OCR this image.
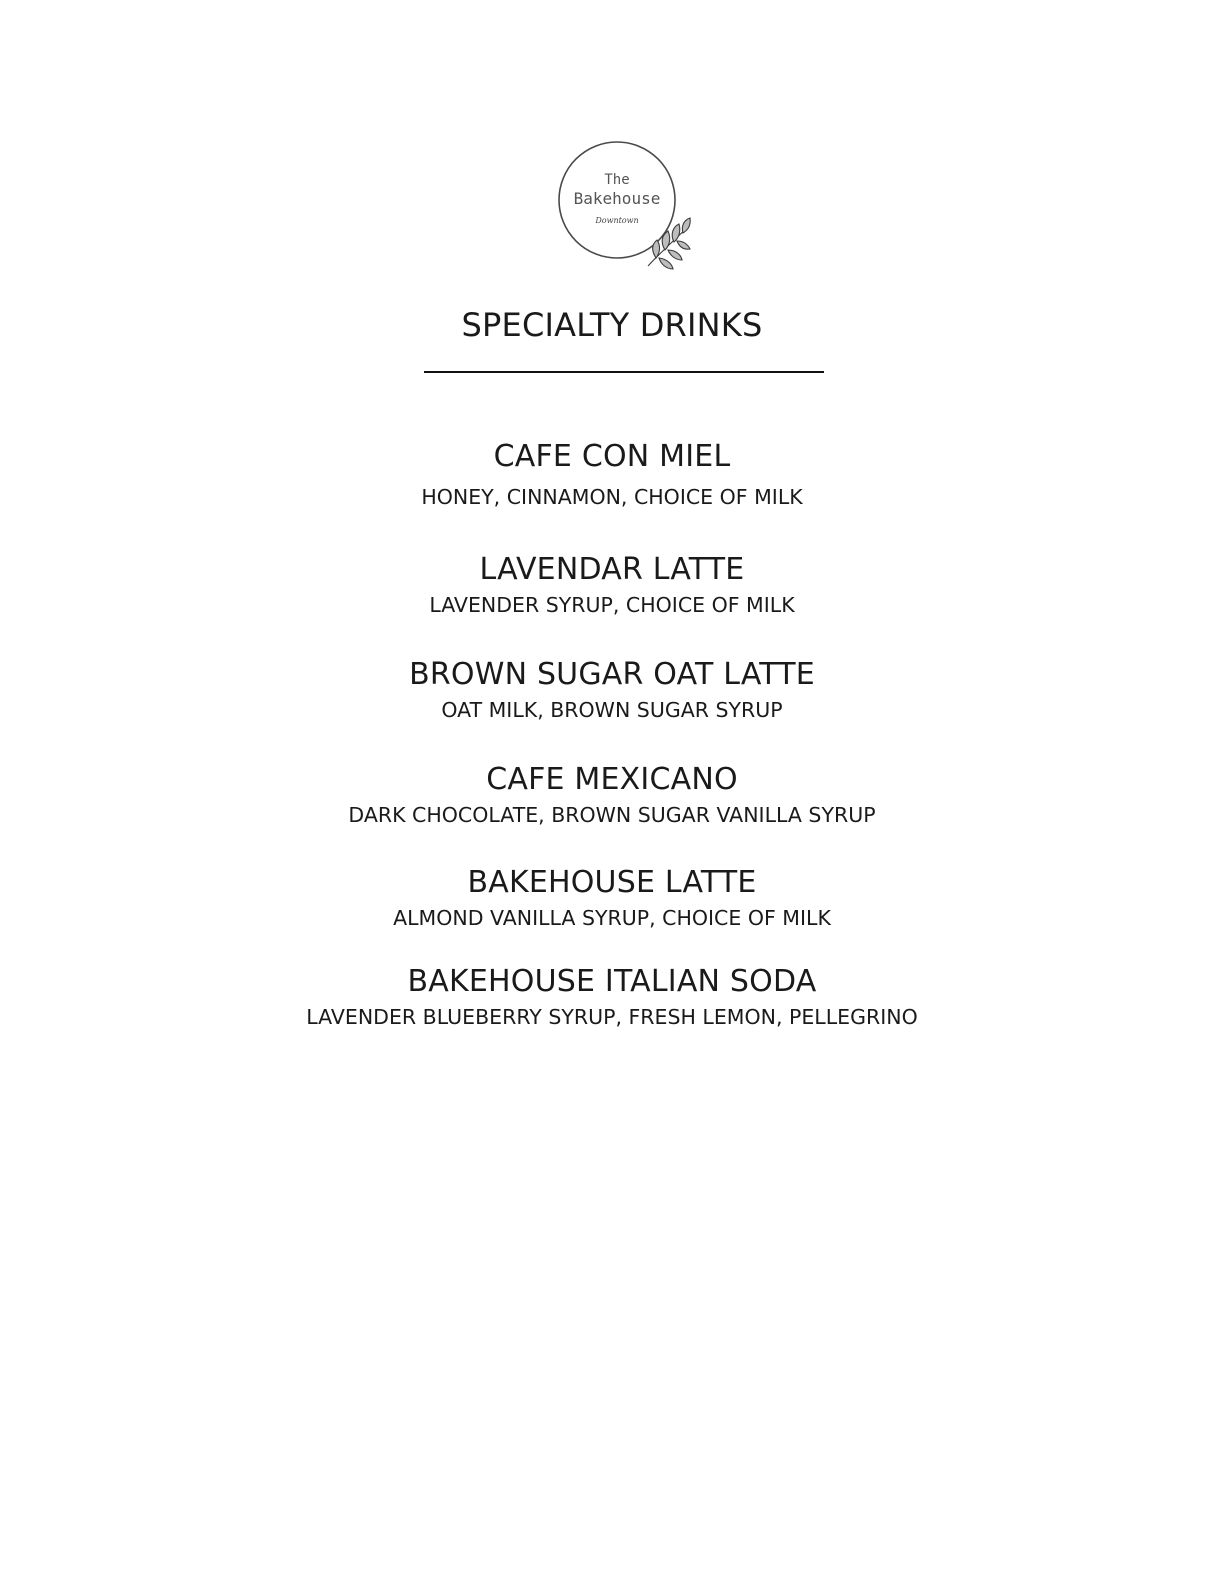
The
Bakehouse
Downtown
SPECIALTY DRINKS
CAFE CON MIEL
HONEY, CINNAMON, CHOICE OF MILK
LAVENDAR LATTE
LAVENDER SYRUP, CHOICE OF MILK
BROWN SUGAR OAT LATTE
OAT MILK, BROWN SUGAR SYRUP
CAFE MEXICANO
DARK CHOCOLATE, BROWN SUGAR VANILLA SYRUP
BAKEHOUSE LATTE
ALMOND VANILLA SYRUP, CHOICE OF MILK
BAKEHOUSE ITALIAN SODA
LAVENDER BLUEBERRY SYRUP, FRESH LEMON, PELLEGRINO
